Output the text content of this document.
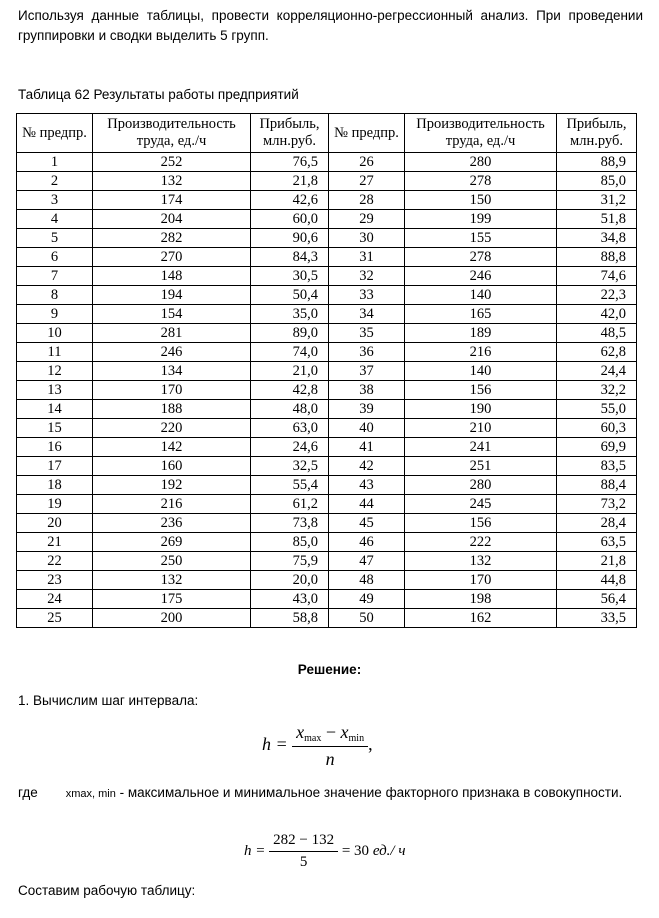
Используя данные таблицы, провести корреляционно-регрессионный анализ. При проведении
группировки и сводки выделить 5 групп.
Таблица 62 Результаты работы предприятий
№ предпр.	Производительность труда, ед./ч	Прибыль, млн.руб.	№ предпр.	Производительность труда, ед./ч	Прибыль, млн.руб.
1	252	76,5	26	280	88,9
2	132	21,8	27	278	85,0
3	174	42,6	28	150	31,2
4	204	60,0	29	199	51,8
5	282	90,6	30	155	34,8
6	270	84,3	31	278	88,8
7	148	30,5	32	246	74,6
8	194	50,4	33	140	22,3
9	154	35,0	34	165	42,0
10	281	89,0	35	189	48,5
11	246	74,0	36	216	62,8
12	134	21,0	37	140	24,4
13	170	42,8	38	156	32,2
14	188	48,0	39	190	55,0
15	220	63,0	40	210	60,3
16	142	24,6	41	241	69,9
17	160	32,5	42	251	83,5
18	192	55,4	43	280	88,4
19	216	61,2	44	245	73,2
20	236	73,8	45	156	28,4
21	269	85,0	46	222	63,5
22	250	75,9	47	132	21,8
23	132	20,0	48	170	44,8
24	175	43,0	49	198	56,4
25	200	58,8	50	162	33,5
Решение:
1. Вычислим шаг интервала:
$h = \frac{x_{max} - x_{min}}{n}$ ,
где	xmax, min - максимальное и минимальное значение факторного признака в совокупности.
$h = \frac{282 - 132}{5} = 30$ ед./ ч
Составим рабочую таблицу:
